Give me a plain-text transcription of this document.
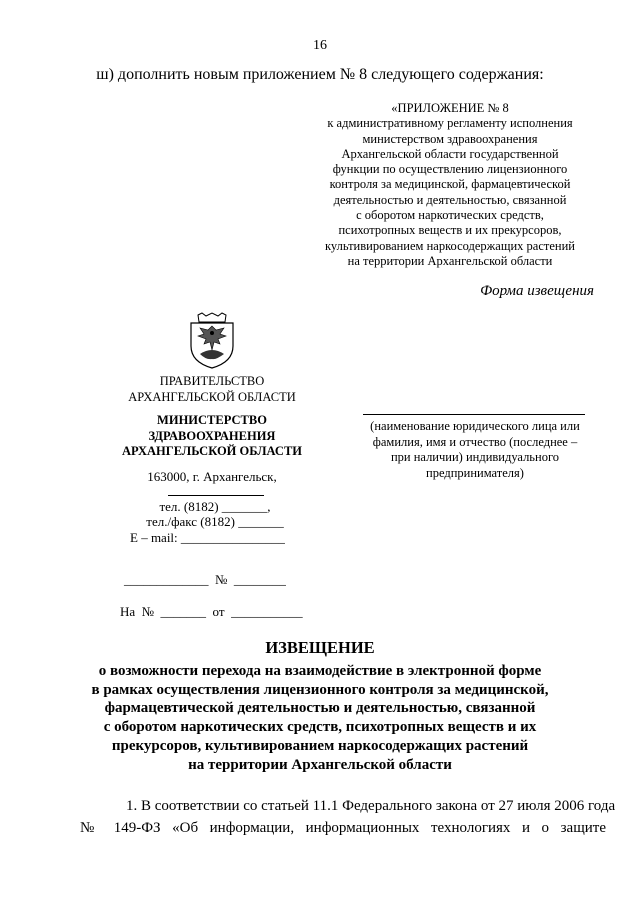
16
ш) дополнить новым приложением № 8 следующего содержания:
«ПРИЛОЖЕНИЕ № 8
к административному регламенту исполнения
министерством здравоохранения
Архангельской области государственной
функции по осуществлению лицензионного
контроля за медицинской, фармацевтической
деятельностью и деятельностью, связанной
с оборотом наркотических средств,
психотропных веществ и их прекурсоров,
культивированием наркосодержащих растений
на территории Архангельской области
Форма извещения
ПРАВИТЕЛЬСТВО
АРХАНГЕЛЬСКОЙ ОБЛАСТИ
МИНИСТЕРСТВО
ЗДРАВООХРАНЕНИЯ
АРХАНГЕЛЬСКОЙ ОБЛАСТИ
163000, г. Архангельск,
тел. (8182) _______,
тел./факс (8182) _______
E – mail: ________________
_____________  №  ________
На  №  _______  от  ___________
(наименование юридического лица или
фамилия, имя и отчество (последнее –
при наличии) индивидуального
предпринимателя)
ИЗВЕЩЕНИЕ
о возможности перехода на взаимодействие в электронной форме
в рамках осуществления лицензионного контроля за медицинской,
фармацевтической деятельностью и деятельностью, связанной
с оборотом наркотических средств, психотропных веществ и их
прекурсоров, культивированием наркосодержащих растений
на территории Архангельской области
1. В соответствии со статьей 11.1 Федерального закона от 27 июля 2006 года
№ 149-ФЗ «Об информации, информационных технологиях и о защите
